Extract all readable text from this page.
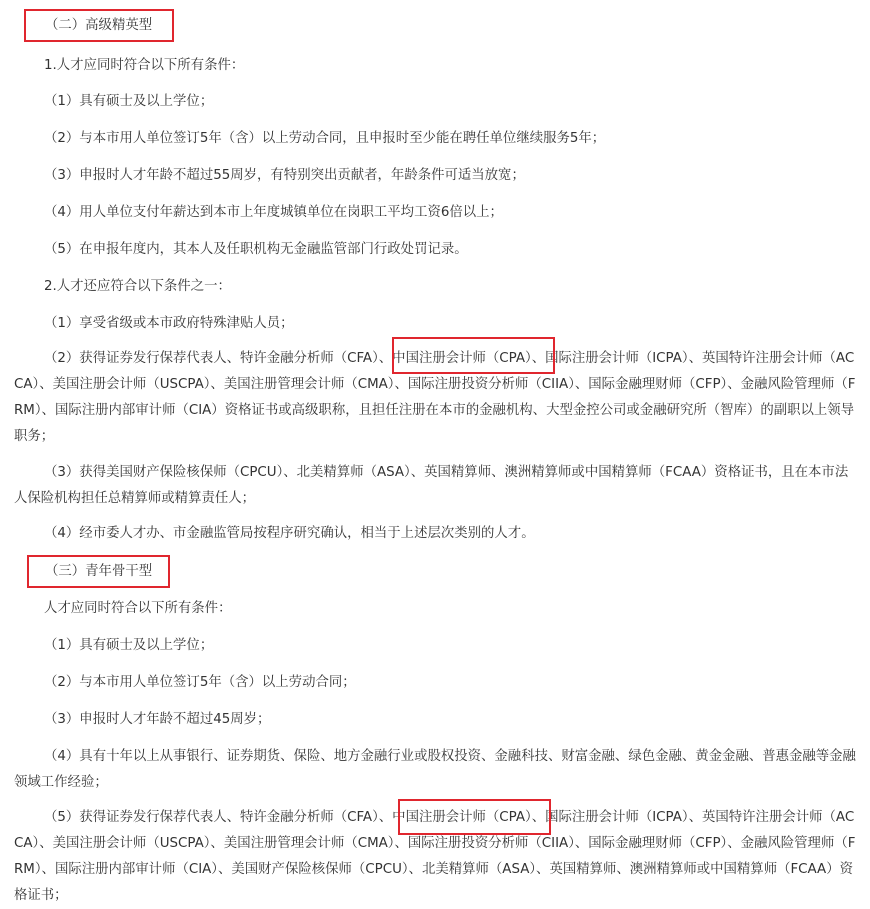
（二）高级精英型

1.人才应同时符合以下所有条件：

（1）具有硕士及以上学位；

（2）与本市用人单位签订5年（含）以上劳动合同，且申报时至少能在聘任单位继续服务5年；

（3）申报时人才年龄不超过55周岁，有特别突出贡献者，年龄条件可适当放宽；

（4）用人单位支付年薪达到本市上年度城镇单位在岗职工平均工资6倍以上；

（5）在申报年度内，其本人及任职机构无金融监管部门行政处罚记录。

2.人才还应符合以下条件之一：

（1）享受省级或本市政府特殊津贴人员；

（2）获得证券发行保荐代表人、特许金融分析师（CFA）、中国注册会计师（CPA）、国际注册会计师（ICPA）、英国特许注册会计师（ACCA）、美国注册会计师（USCPA）、美国注册管理会计师（CMA）、国际注册投资分析师（CIIA）、国际金融理财师（CFP）、金融风险管理师（FRM）、国际注册内部审计师（CIA）资格证书或高级职称，且担任注册在本市的金融机构、大型金控公司或金融研究所（智库）的副职以上领导职务；

（3）获得美国财产保险核保师（CPCU）、北美精算师（ASA）、英国精算师、澳洲精算师或中国精算师（FCAA）资格证书，且在本市法人保险机构担任总精算师或精算责任人；

（4）经市委人才办、市金融监管局按程序研究确认，相当于上述层次类别的人才。

（三）青年骨干型

人才应同时符合以下所有条件：

（1）具有硕士及以上学位；

（2）与本市用人单位签订5年（含）以上劳动合同；

（3）申报时人才年龄不超过45周岁；

（4）具有十年以上从事银行、证券期货、保险、地方金融行业或股权投资、金融科技、财富金融、绿色金融、黄金金融、普惠金融等金融领域工作经验；

（5）获得证券发行保荐代表人、特许金融分析师（CFA）、中国注册会计师（CPA）、国际注册会计师（ICPA）、英国特许注册会计师（ACCA）、美国注册会计师（USCPA）、美国注册管理会计师（CMA）、国际注册投资分析师（CIIA）、国际金融理财师（CFP）、金融风险管理师（FRM）、国际注册内部审计师（CIA）、美国财产保险核保师（CPCU）、北美精算师（ASA）、英国精算师、澳洲精算师或中国精算师（FCAA）资格证书；
